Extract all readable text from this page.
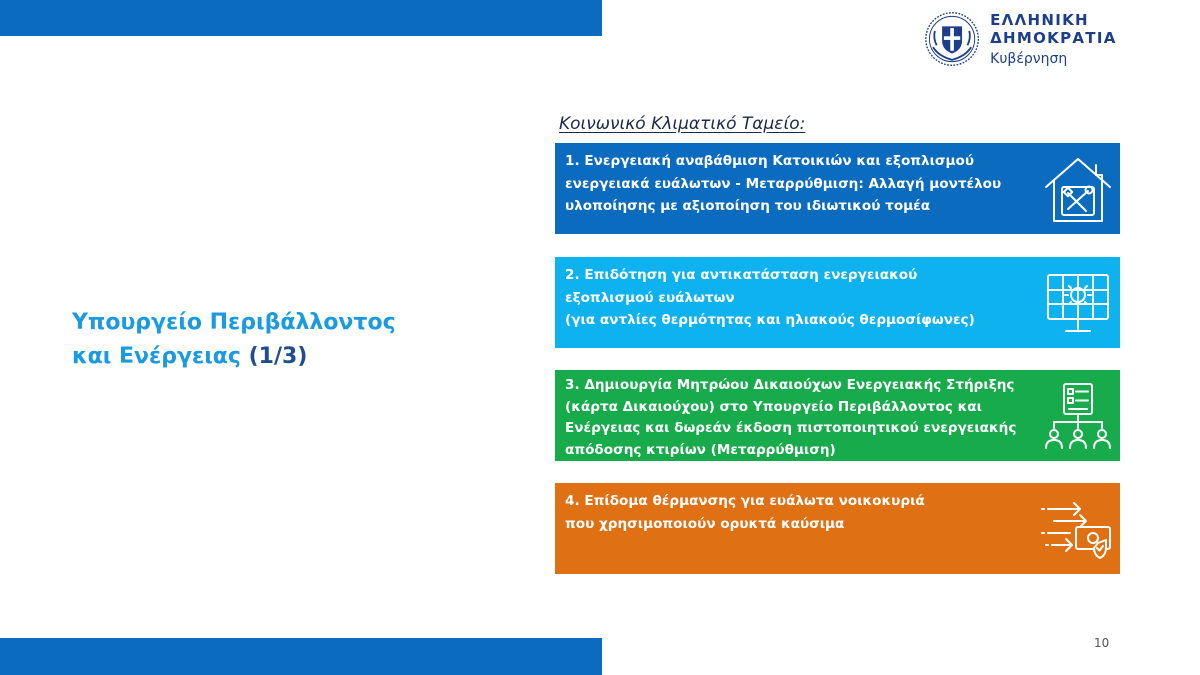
ΕΛΛΗΝΙΚΗ ΔΗΜΟΚΡΑΤΙΑ
Κυβέρνηση
Υπουργείο Περιβάλλοντος
και Ενέργειας (1/3)
Κοινωνικό Κλιματικό Ταμείο:
1. Ενεργειακή αναβάθμιση Κατοικιών και εξοπλισμού
ενεργειακά ευάλωτων - Μεταρρύθμιση: Αλλαγή μοντέλου
υλοποίησης με αξιοποίηση του ιδιωτικού τομέα
2. Επιδότηση για αντικατάσταση ενεργειακού
εξοπλισμού ευάλωτων
(για αντλίες θερμότητας και ηλιακούς θερμοσίφωνες)
3. Δημιουργία Μητρώου Δικαιούχων Ενεργειακής Στήριξης
(κάρτα Δικαιούχου) στο Υπουργείο Περιβάλλοντος και
Ενέργειας και δωρεάν έκδοση πιστοποιητικού ενεργειακής
απόδοσης κτιρίων (Μεταρρύθμιση)
4. Επίδομα θέρμανσης για ευάλωτα νοικοκυριά
που χρησιμοποιούν ορυκτά καύσιμα
10
